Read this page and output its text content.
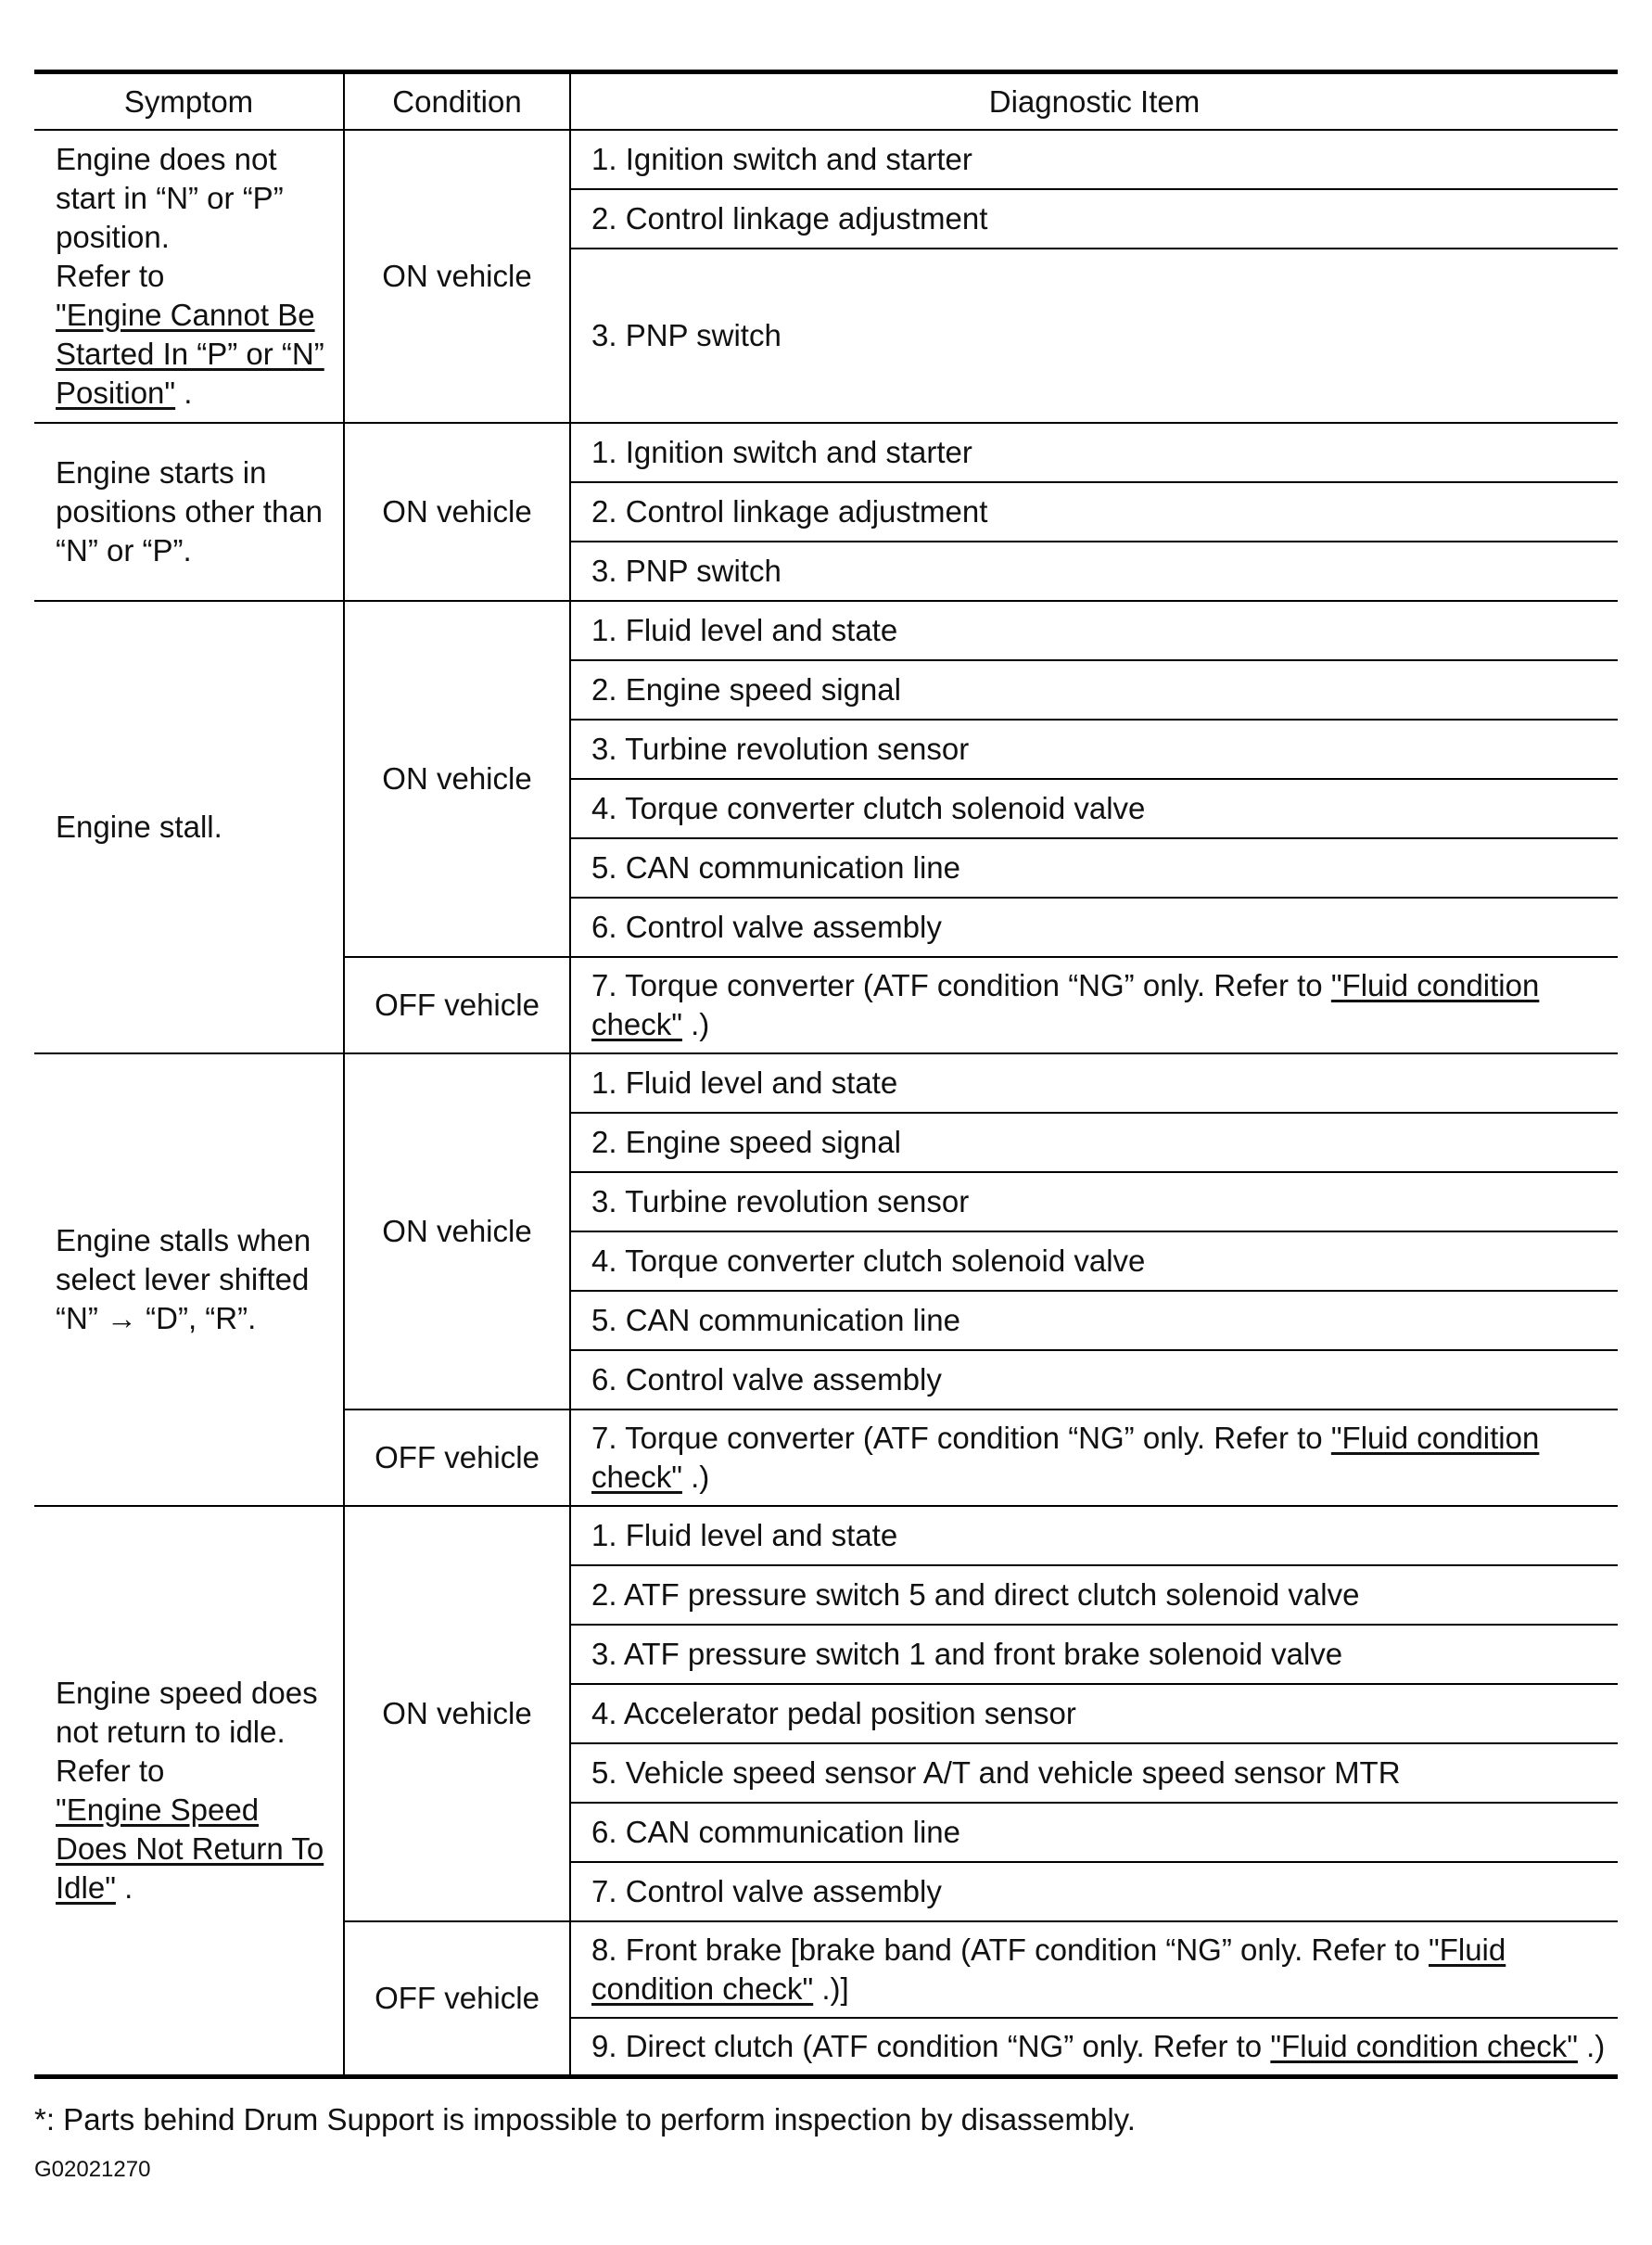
Symptom	Condition	Diagnostic Item
Engine does not start in “N” or “P” position.
Refer to
"Engine Cannot Be Started In “P” or “N” Position" .	ON vehicle	1. Ignition switch and starter
		2. Control linkage adjustment
		3. PNP switch
Engine starts in positions other than “N” or “P”.	ON vehicle	1. Ignition switch and starter
		2. Control linkage adjustment
		3. PNP switch
Engine stall.	ON vehicle	1. Fluid level and state
		2. Engine speed signal
		3. Turbine revolution sensor
		4. Torque converter clutch solenoid valve
		5. CAN communication line
		6. Control valve assembly
	OFF vehicle	7. Torque converter (ATF condition “NG” only. Refer to "Fluid condition check" .)
Engine stalls when select lever shifted “N” → “D”, “R”.	ON vehicle	1. Fluid level and state
		2. Engine speed signal
		3. Turbine revolution sensor
		4. Torque converter clutch solenoid valve
		5. CAN communication line
		6. Control valve assembly
	OFF vehicle	7. Torque converter (ATF condition “NG” only. Refer to "Fluid condition check" .)
Engine speed does not return to idle.
Refer to
"Engine Speed Does Not Return To Idle" .	ON vehicle	1. Fluid level and state
		2. ATF pressure switch 5 and direct clutch solenoid valve
		3. ATF pressure switch 1 and front brake solenoid valve
		4. Accelerator pedal position sensor
		5. Vehicle speed sensor A/T and vehicle speed sensor MTR
		6. CAN communication line
		7. Control valve assembly
	OFF vehicle	8. Front brake [brake band (ATF condition “NG” only. Refer to "Fluid condition check" .)]
		9. Direct clutch (ATF condition “NG” only. Refer to "Fluid condition check" .)
*: Parts behind Drum Support is impossible to perform inspection by disassembly.
G02021270
